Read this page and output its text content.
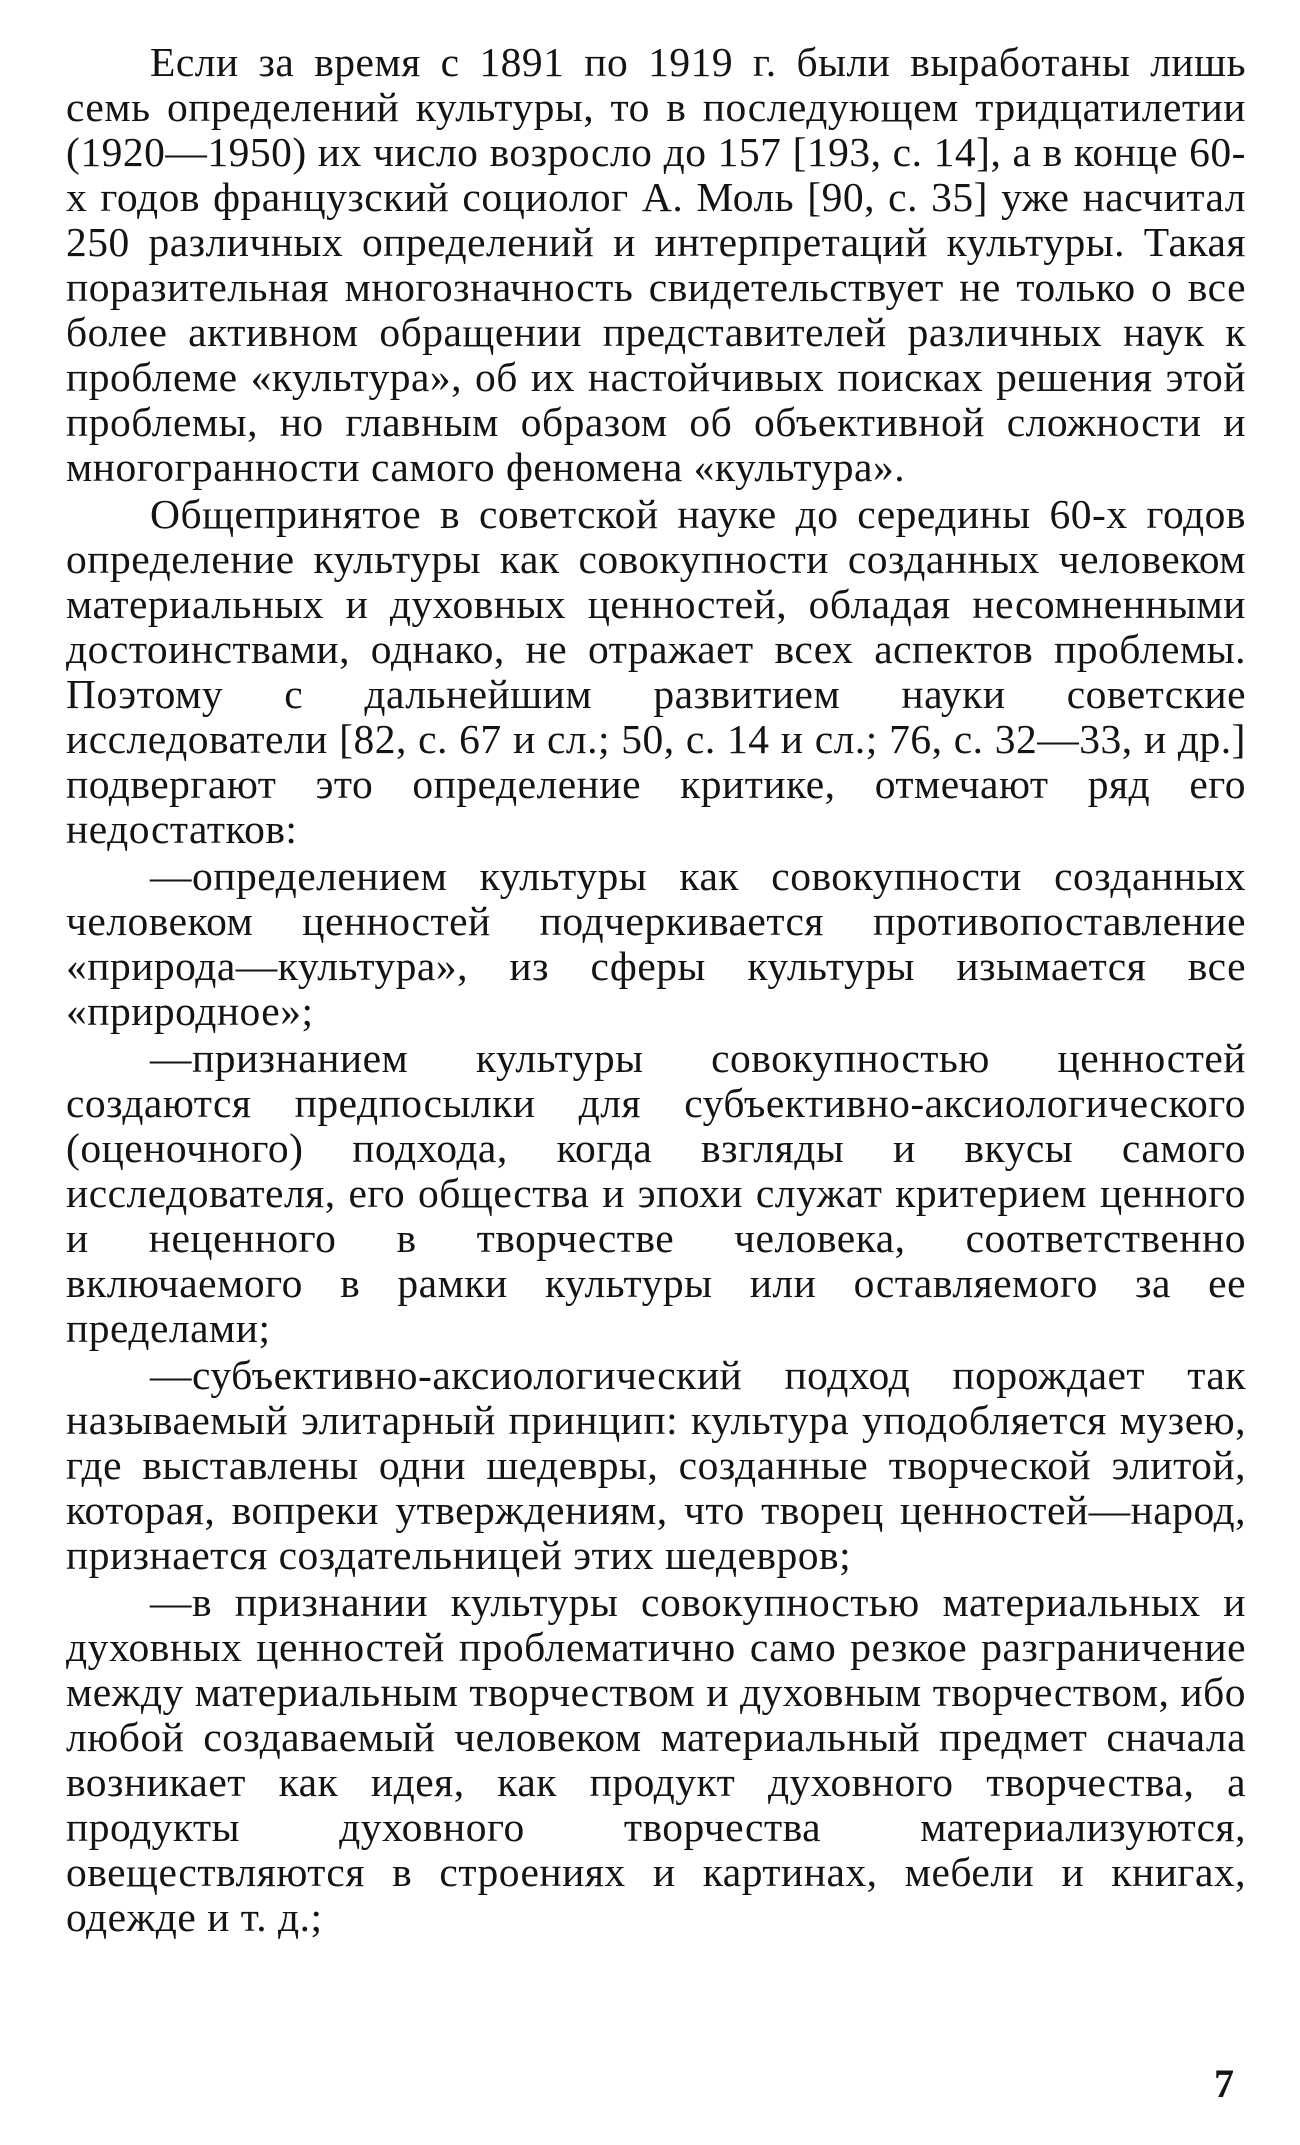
Если за время с 1891 по 1919 г. были выработаны лишь семь определений культуры, то в последующем тридцатилетии (1920—1950) их число возросло до 157 [193, с. 14], а в конце 60-х годов французский социолог А. Моль [90, с. 35] уже насчитал 250 различных определений и интерпретаций культуры. Такая поразительная многозначность свидетельствует не только о все более активном обращении представителей различных наук к проблеме «культура», об их настойчивых поисках решения этой проблемы, но главным образом об объективной сложности и многогранности самого феномена «культура».

Общепринятое в советской науке до середины 60-х годов определение культуры как совокупности созданных человеком материальных и духовных ценностей, обладая несомненными достоинствами, однако, не отражает всех аспектов проблемы. Поэтому с дальнейшим развитием науки советские исследователи [82, с. 67 и сл.; 50, с. 14 и сл.; 76, с. 32—33, и др.] подвергают это определение критике, отмечают ряд его недостатков:

—определением культуры как совокупности созданных человеком ценностей подчеркивается противопоставление «природа—культура», из сферы культуры изымается все «природное»;

—признанием культуры совокупностью ценностей создаются предпосылки для субъективно-аксиологического (оценочного) подхода, когда взгляды и вкусы самого исследователя, его общества и эпохи служат критерием ценного и неценного в творчестве человека, соответственно включаемого в рамки культуры или оставляемого за ее пределами;

—субъективно-аксиологический подход порождает так называемый элитарный принцип: культура уподобляется музею, где выставлены одни шедевры, созданные творческой элитой, которая, вопреки утверждениям, что творец ценностей—народ, признается создательницей этих шедевров;

—в признании культуры совокупностью материальных и духовных ценностей проблематично само резкое разграничение между материальным творчеством и духовным творчеством, ибо любой создаваемый человеком материальный предмет сначала возникает как идея, как продукт духовного творчества, а продукты духовного творчества материализуются, овеществляются в строениях и картинах, мебели и книгах, одежде и т. д.;

7
